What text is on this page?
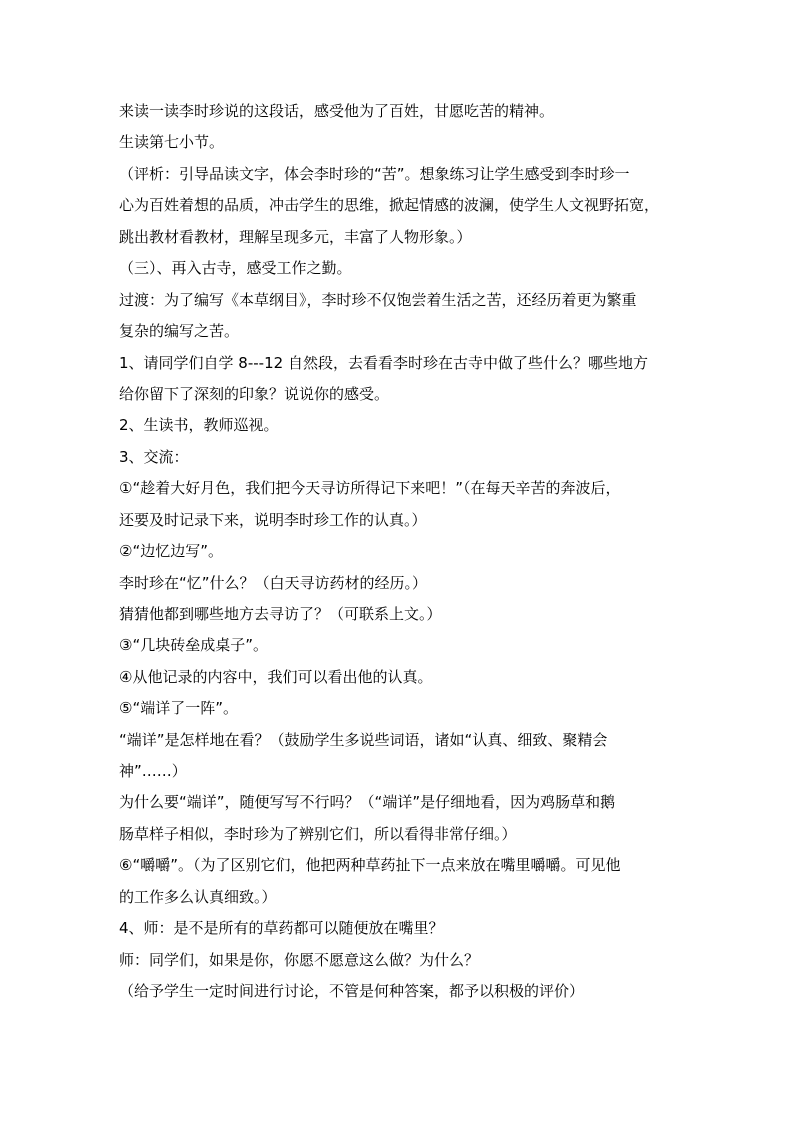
来读一读李时珍说的这段话，感受他为了百姓，甘愿吃苦的精神。
生读第七小节。
（评析：引导品读文字，体会李时珍的“苦”。想象练习让学生感受到李时珍一
心为百姓着想的品质，冲击学生的思维，掀起情感的波澜，使学生人文视野拓宽，
跳出教材看教材，理解呈现多元，丰富了人物形象。）
（三）、再入古寺，感受工作之勤。
过渡：为了编写《本草纲目》，李时珍不仅饱尝着生活之苦，还经历着更为繁重
复杂的编写之苦。
1、请同学们自学 8---12 自然段，去看看李时珍在古寺中做了些什么？哪些地方
给你留下了深刻的印象？说说你的感受。
2、生读书，教师巡视。
3、交流：
①“趁着大好月色，我们把今天寻访所得记下来吧！”（在每天辛苦的奔波后，
还要及时记录下来，说明李时珍工作的认真。）
②“边忆边写”。
李时珍在“忆”什么？（白天寻访药材的经历。）
猜猜他都到哪些地方去寻访了？（可联系上文。）
③“几块砖垒成桌子”。
④从他记录的内容中，我们可以看出他的认真。
⑤“端详了一阵”。
“端详”是怎样地在看？（鼓励学生多说些词语，诸如“认真、细致、聚精会
神”……）
为什么要“端详”，随便写写不行吗？（“端详”是仔细地看，因为鸡肠草和鹅
肠草样子相似，李时珍为了辨别它们，所以看得非常仔细。）
⑥“嚼嚼”。（为了区别它们，他把两种草药扯下一点来放在嘴里嚼嚼。可见他
的工作多么认真细致。）
4、师：是不是所有的草药都可以随便放在嘴里？
师：同学们，如果是你，你愿不愿意这么做？为什么？
（给予学生一定时间进行讨论，不管是何种答案，都予以积极的评价）
